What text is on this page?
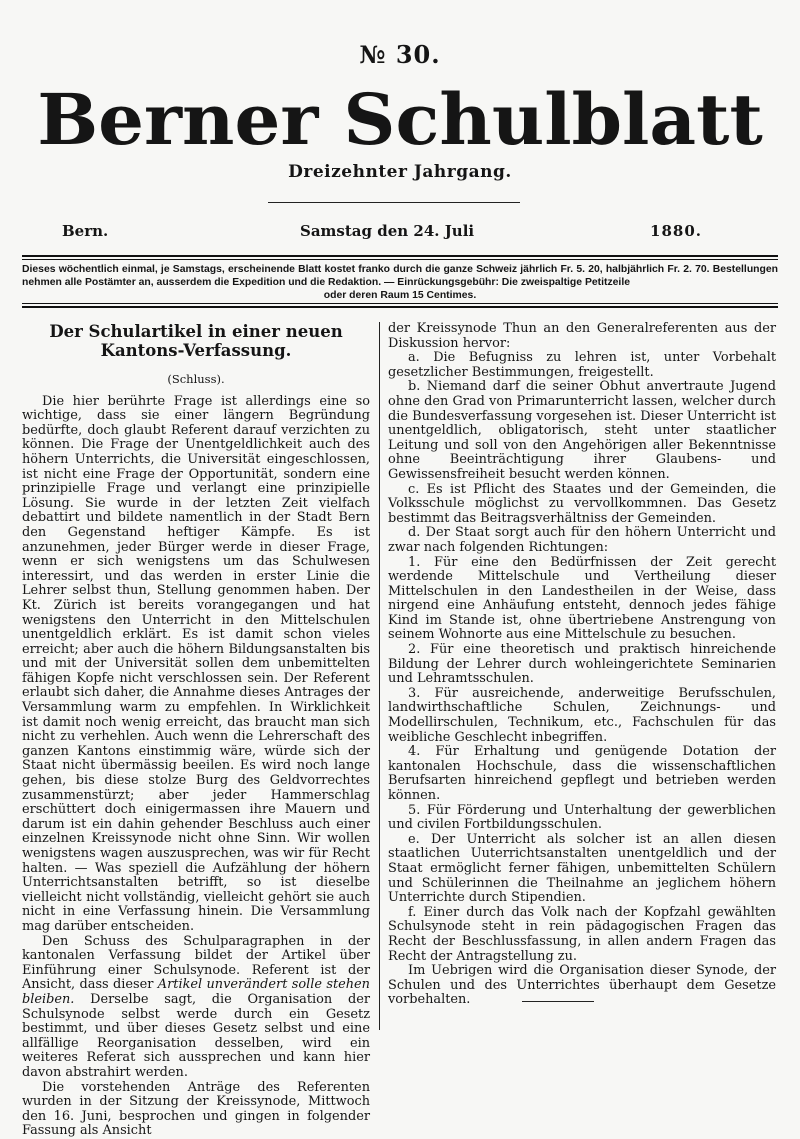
№ 30.
Berner Schulblatt
Dreizehnter Jahrgang.
Bern.	Samstag den 24. Juli	1880.

Dieses wöchentlich einmal, je Samstags, erscheinende Blatt kostet franko durch die ganze Schweiz jährlich Fr. 5. 20, halbjährlich Fr. 2. 70. Bestellungen nehmen alle Postämter an, ausserdem die Expedition und die Redaktion. — Einrückungsgebühr: Die zweispaltige Petitzeile

oder deren Raum 15 Centimes.

Der Schulartikel in einer neuen Kantons-Verfassung.
(Schluss).

Die hier berührte Frage ist allerdings eine so wichtige, dass sie einer längern Begründung bedürfte, doch glaubt Referent darauf verzichten zu können. Die Frage der Unentgeldlichkeit auch des höhern Unterrichts, die Universität eingeschlossen, ist nicht eine Frage der Opportunität, sondern eine prinzipielle Frage und verlangt eine prinzipielle Lösung. Sie wurde in der letzten Zeit vielfach debattirt und bildete namentlich in der Stadt Bern den Gegenstand heftiger Kämpfe. Es ist anzunehmen, jeder Bürger werde in dieser Frage, wenn er sich wenigstens um das Schulwesen interessirt, und das werden in erster Linie die Lehrer selbst thun, Stellung genommen haben. Der Kt. Zürich ist bereits vorangegangen und hat wenigstens den Unterricht in den Mittelschulen unentgeldlich erklärt. Es ist damit schon vieles erreicht; aber auch die höhern Bildungsanstalten bis und mit der Universität sollen dem unbemittelten fähigen Kopfe nicht verschlossen sein. Der Referent erlaubt sich daher, die Annahme dieses Antrages der Versammlung warm zu empfehlen. In Wirklichkeit ist damit noch wenig erreicht, das braucht man sich nicht zu verhehlen. Auch wenn die Lehrerschaft des ganzen Kantons einstimmig wäre, würde sich der Staat nicht übermässig beeilen. Es wird noch lange gehen, bis diese stolze Burg des Geldvorrechtes zusammenstürzt; aber jeder Hammerschlag erschüttert doch einigermassen ihre Mauern und darum ist ein dahin gehender Beschluss auch einer einzelnen Kreissynode nicht ohne Sinn. Wir wollen wenigstens wagen auszusprechen, was wir für Recht halten. — Was speziell die Aufzählung der höhern Unterrichtsanstalten betrifft, so ist dieselbe vielleicht nicht vollständig, vielleicht gehört sie auch nicht in eine Verfassung hinein. Die Versammlung mag darüber entscheiden.

Den Schuss des Schulparagraphen in der kantonalen Verfassung bildet der Artikel über Einführung einer Schulsynode. Referent ist der Ansicht, dass dieser Artikel unverändert solle stehen bleiben. Derselbe sagt, die Organisation der Schulsynode selbst werde durch ein Gesetz bestimmt, und über dieses Gesetz selbst und eine allfällige Reorganisation desselben, wird ein weiteres Referat sich aussprechen und kann hier davon abstrahirt werden.

Die vorstehenden Anträge des Referenten wurden in der Sitzung der Kreissynode, Mittwoch den 16. Juni, besprochen und gingen in folgender Fassung als Ansicht

der Kreissynode Thun an den Generalreferenten aus der Diskussion hervor:

a. Die Befugniss zu lehren ist, unter Vorbehalt gesetzlicher Bestimmungen, freigestellt.

b. Niemand darf die seiner Obhut anvertraute Jugend ohne den Grad von Primarunterricht lassen, welcher durch die Bundesverfassung vorgesehen ist. Dieser Unterricht ist unentgeldlich, obligatorisch, steht unter staatlicher Leitung und soll von den Angehörigen aller Bekenntnisse ohne Beeinträchtigung ihrer Glaubens- und Gewissensfreiheit besucht werden können.

c. Es ist Pflicht des Staates und der Gemeinden, die Volksschule möglichst zu vervollkommnen. Das Gesetz bestimmt das Beitragsverhältniss der Gemeinden.

d. Der Staat sorgt auch für den höhern Unterricht und zwar nach folgenden Richtungen:

1. Für eine den Bedürfnissen der Zeit gerecht werdende Mittelschule und Vertheilung dieser Mittelschulen in den Landestheilen in der Weise, dass nirgend eine Anhäufung entsteht, dennoch jedes fähige Kind im Stande ist, ohne übertriebene Anstrengung von seinem Wohnorte aus eine Mittelschule zu besuchen.

2. Für eine theoretisch und praktisch hinreichende Bildung der Lehrer durch wohleingerichtete Seminarien und Lehramtsschulen.

3. Für ausreichende, anderweitige Berufsschulen, landwirthschaftliche Schulen, Zeichnungs- und Modellirschulen, Technikum, etc., Fachschulen für das weibliche Geschlecht inbegriffen.

4. Für Erhaltung und genügende Dotation der kantonalen Hochschule, dass die wissenschaftlichen Berufsarten hinreichend gepflegt und betrieben werden können.

5. Für Förderung und Unterhaltung der gewerblichen und civilen Fortbildungsschulen.

e. Der Unterricht als solcher ist an allen diesen staatlichen Uuterrichtsanstalten unentgeldlich und der Staat ermöglicht ferner fähigen, unbemittelten Schülern und Schülerinnen die Theilnahme an jeglichem höhern Unterrichte durch Stipendien.

f. Einer durch das Volk nach der Kopfzahl gewählten Schulsynode steht in rein pädagogischen Fragen das Recht der Beschlussfassung, in allen andern Fragen das Recht der Antragstellung zu.

Im Uebrigen wird die Organisation dieser Synode, der Schulen und des Unterrichtes überhaupt dem Gesetze vorbehalten.
